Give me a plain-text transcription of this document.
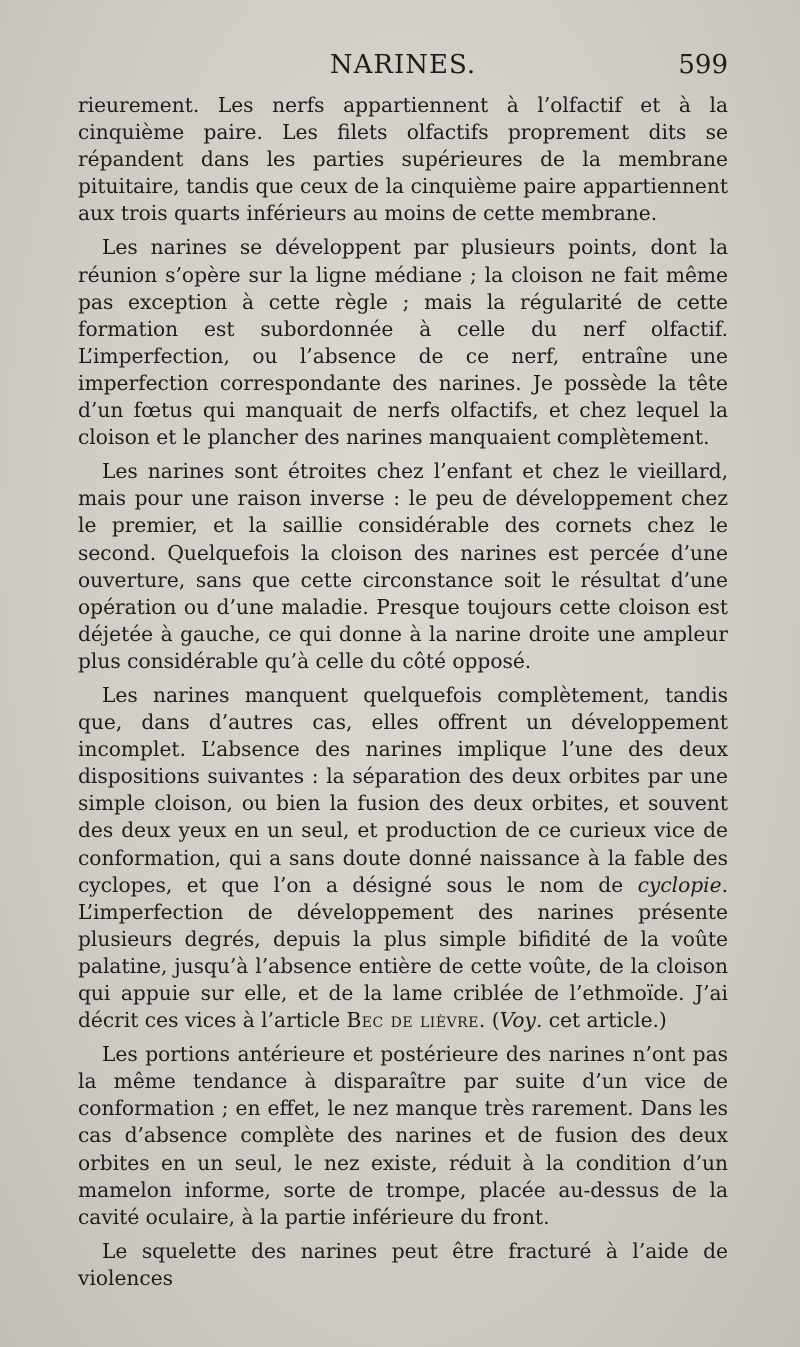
NARINES.	599

rieurement. Les nerfs appartiennent à l’olfactif et à la cinquième paire. Les filets olfactifs proprement dits se répandent dans les parties supérieures de la membrane pituitaire, tandis que ceux de la cinquième paire appartiennent aux trois quarts inférieurs au moins de cette membrane.

Les narines se développent par plusieurs points, dont la réunion s’opère sur la ligne médiane ; la cloison ne fait même pas exception à cette règle ; mais la régularité de cette formation est subordonnée à celle du nerf olfactif. L’imperfection, ou l’absence de ce nerf, entraîne une imperfection correspondante des narines. Je possède la tête d’un fœtus qui manquait de nerfs olfactifs, et chez lequel la cloison et le plancher des narines manquaient complètement.

Les narines sont étroites chez l’enfant et chez le vieillard, mais pour une raison inverse : le peu de développement chez le premier, et la saillie considérable des cornets chez le second. Quelquefois la cloison des narines est percée d’une ouverture, sans que cette circonstance soit le résultat d’une opération ou d’une maladie. Presque toujours cette cloison est déjetée à gauche, ce qui donne à la narine droite une ampleur plus considérable qu’à celle du côté opposé.

Les narines manquent quelquefois complètement, tandis que, dans d’autres cas, elles offrent un développement incomplet. L’absence des narines implique l’une des deux dispositions suivantes : la séparation des deux orbites par une simple cloison, ou bien la fusion des deux orbites, et souvent des deux yeux en un seul, et production de ce curieux vice de conformation, qui a sans doute donné naissance à la fable des cyclopes, et que l’on a désigné sous le nom de cyclopie. L’imperfection de développement des narines présente plusieurs degrés, depuis la plus simple bifidité de la voûte palatine, jusqu’à l’absence entière de cette voûte, de la cloison qui appuie sur elle, et de la lame criblée de l’ethmoïde. J’ai décrit ces vices à l’article Bec de lièvre. (Voy. cet article.)

Les portions antérieure et postérieure des narines n’ont pas la même tendance à disparaître par suite d’un vice de conformation ; en effet, le nez manque très rarement. Dans les cas d’absence complète des narines et de fusion des deux orbites en un seul, le nez existe, réduit à la condition d’un mamelon informe, sorte de trompe, placée au-dessus de la cavité oculaire, à la partie inférieure du front.

Le squelette des narines peut être fracturé à l’aide de violences
